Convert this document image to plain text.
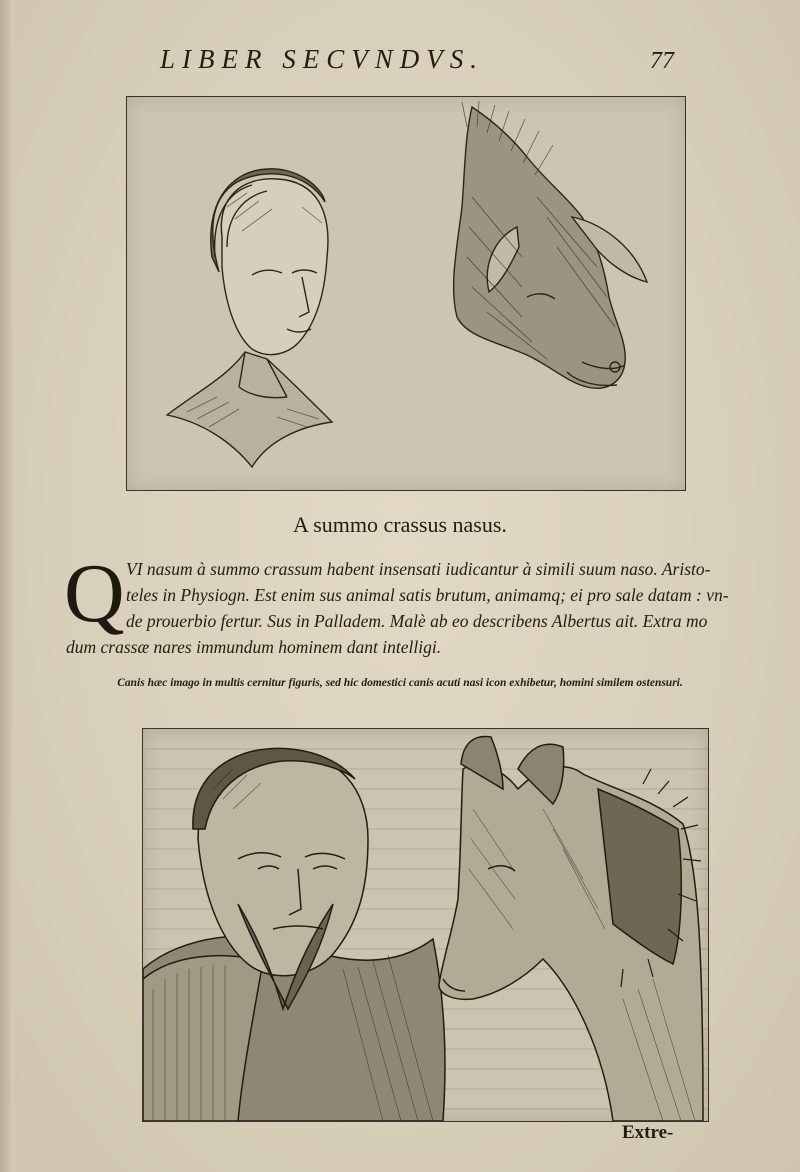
LIBER SECVNDVS.	77
A summo crassus nasus.
Q VI nasum à summo crassum habent insensati iudicantur à simili suum naso. Aristo-
teles in Physiogn. Est enim sus animal satis brutum, animamq; ei pro sale datam : vn-
de prouerbio fertur. Sus in Palladem. Malè ab eo describens Albertus ait. Extra mo
dum crassæ nares immundum hominem dant intelligi.
Canis hæc imago in multis cernitur figuris, sed hic domestici canis acuti nasi icon exhibetur, homini similem ostensuri.
Extre-
